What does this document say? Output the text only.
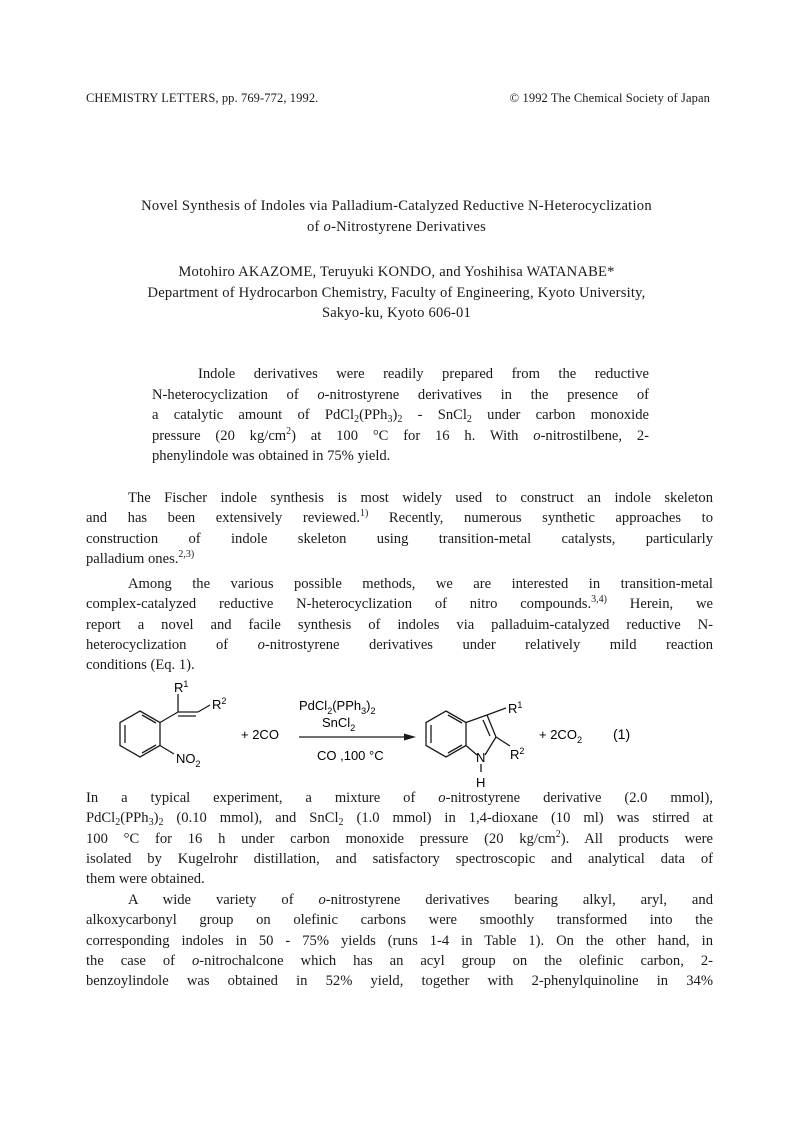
CHEMISTRY LETTERS, pp. 769-772, 1992.	© 1992 The Chemical Society of Japan
Novel Synthesis of Indoles via Palladium-Catalyzed Reductive N-Heterocyclization
of o-Nitrostyrene Derivatives
Motohiro AKAZOME, Teruyuki KONDO, and Yoshihisa WATANABE*
Department of Hydrocarbon Chemistry, Faculty of Engineering, Kyoto University,
Sakyo-ku, Kyoto 606-01
Indole derivatives were readily prepared from the reductive
N-heterocyclization of o-nitrostyrene derivatives in the presence of
a catalytic amount of $PdCl_2(PPh_3)_2$ - SnCl$_2$ under carbon monoxide
pressure (20 $kg/cm^2$) at 100 °C for 16 h. With o-nitrostilbene, 2-
phenylindole was obtained in 75% yield.
The Fischer indole synthesis is most widely used to construct an indole skeleton
and has been extensively reviewed.$^{1)}$ Recently, numerous synthetic approaches to
construction of indole skeleton using transition-metal catalysts, particularly
palladium ones.$^{2,3)}$
Among the various possible methods, we are interested in transition-metal
complex-catalyzed reductive N-heterocyclization of nitro compounds.$^{3,4)}$ Herein, we
report a novel and facile synthesis of indoles via palladuim-catalyzed reductive N-
heterocyclization of o-nitrostyrene derivatives under relatively mild reaction
conditions (Eq. 1).
$R^1$
$R^2$
$NO_2$
+ 2CO
$PdCl_2(PPh_3)_2$
SnCl$_2$
CO ,100 °C	N
H
$R^1$
$R^2$
+ $2CO_2$ (1)
In a typical experiment, a mixture of o-nitrostyrene derivative (2.0 mmol),
$PdCl_2(PPh_3)_2$ (0.10 mmol), and SnCl$_2$ (1.0 mmol) in 1,4-dioxane (10 ml) was stirred at
100 °C for 16 h under carbon monoxide pressure (20 $kg/cm^2$). All products were
isolated by Kugelrohr distillation, and satisfactory spectroscopic and analytical data of
them were obtained.
A wide variety of o-nitrostyrene derivatives bearing alkyl, aryl, and
alkoxycarbonyl group on olefinic carbons were smoothly transformed into the
corresponding indoles in 50 - 75% yields (runs 1-4 in Table 1). On the other hand, in
the case of o-nitrochalcone which has an acyl group on the olefinic carbon, 2-
benzoylindole was obtained in 52% yield, together with 2-phenylquinoline in 34%
